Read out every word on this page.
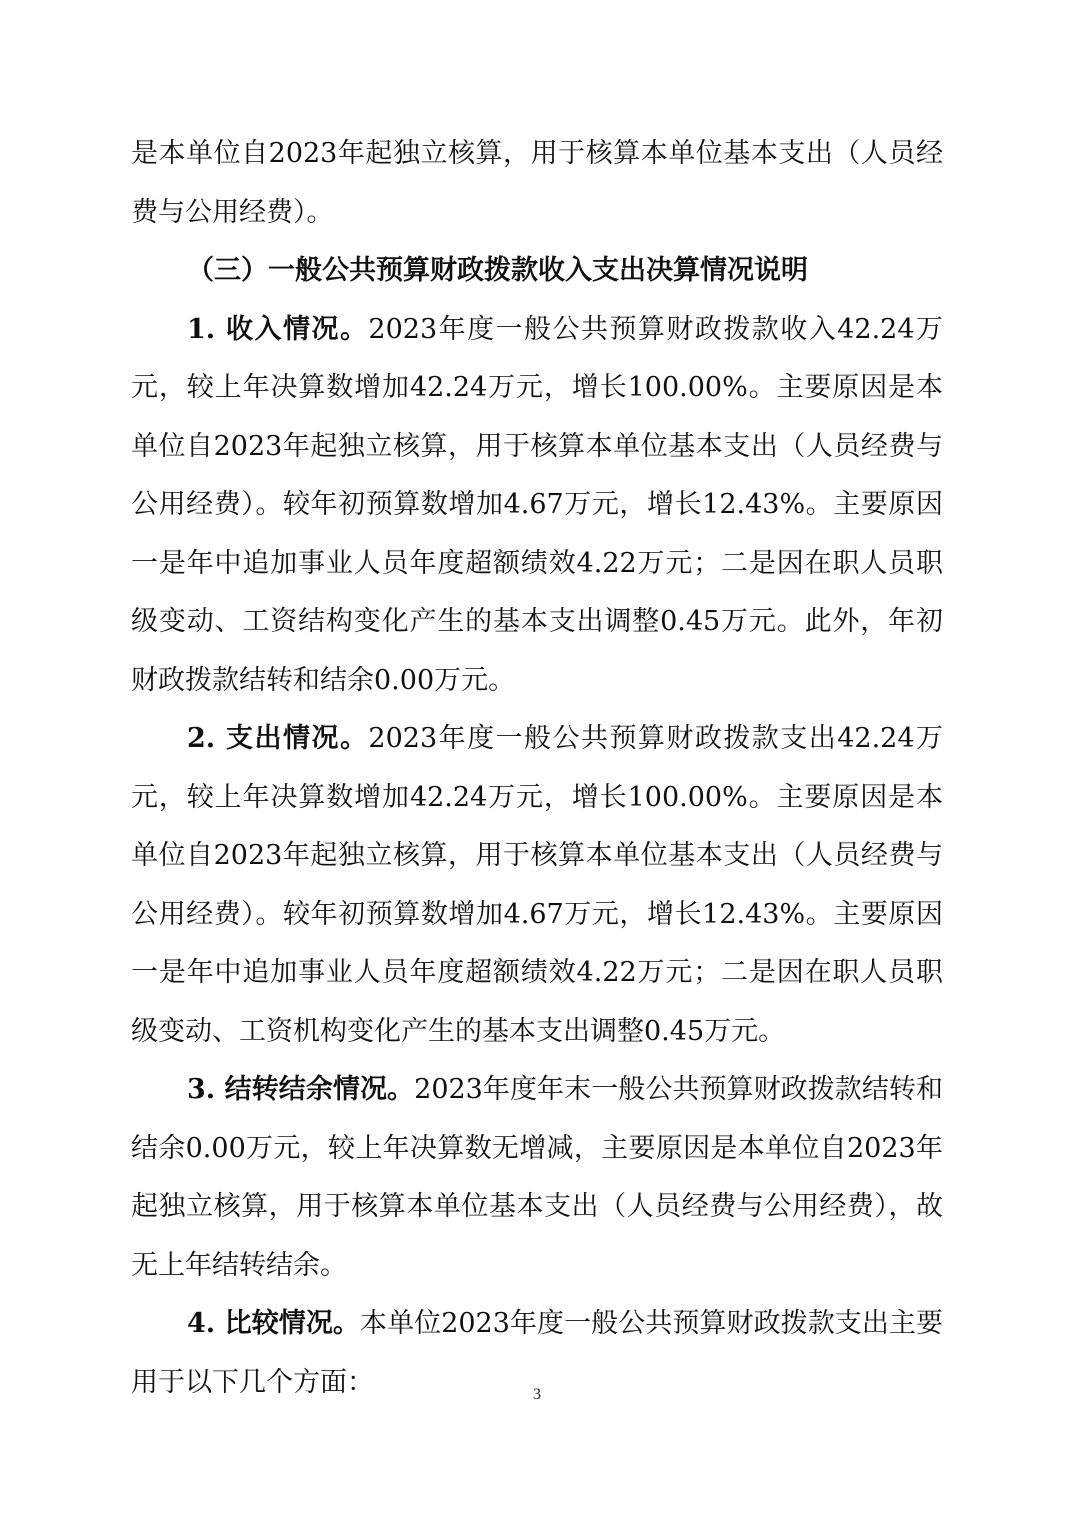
是本单位自2023年起独立核算，用于核算本单位基本支出（人员经费与公用经费）。

（三）一般公共预算财政拨款收入支出决算情况说明

1. 收入情况。2023年度一般公共预算财政拨款收入42.24万元，较上年决算数增加42.24万元，增长100.00%。主要原因是本单位自2023年起独立核算，用于核算本单位基本支出（人员经费与公用经费）。较年初预算数增加4.67万元，增长12.43%。主要原因一是年中追加事业人员年度超额绩效4.22万元；二是因在职人员职级变动、工资结构变化产生的基本支出调整0.45万元。此外，年初财政拨款结转和结余0.00万元。

2. 支出情况。2023年度一般公共预算财政拨款支出42.24万元，较上年决算数增加42.24万元，增长100.00%。主要原因是本单位自2023年起独立核算，用于核算本单位基本支出（人员经费与公用经费）。较年初预算数增加4.67万元，增长12.43%。主要原因一是年中追加事业人员年度超额绩效4.22万元；二是因在职人员职级变动、工资机构变化产生的基本支出调整0.45万元。

3. 结转结余情况。2023年度年末一般公共预算财政拨款结转和结余0.00万元，较上年决算数无增减，主要原因是本单位自2023年起独立核算，用于核算本单位基本支出（人员经费与公用经费），故无上年结转结余。

4. 比较情况。本单位2023年度一般公共预算财政拨款支出主要用于以下几个方面：	3
